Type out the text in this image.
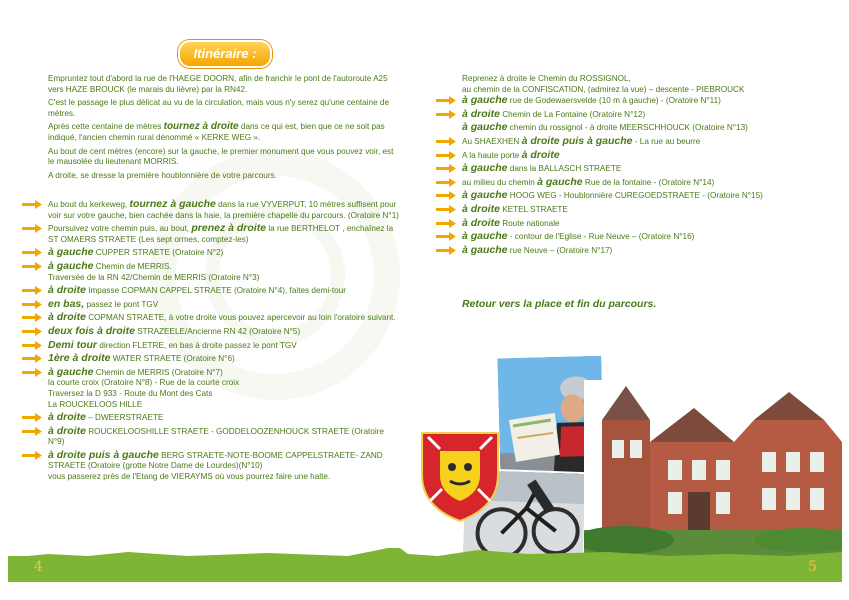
Itinéraire :

Empruntez tout d'abord la rue de l'HAEGE DOORN, afin de franchir le pont de l'autoroute A25 vers HAZE BROUCK (le marais du lièvre) par la RN42.

C'est le passage le plus délicat au vu de la circulation, mais vous n'y serez qu'une centaine de mètres.

Après cette centaine de mètres tournez à droite dans ce qui est, bien que ce ne soit pas indiqué, l'ancien chemin rural dénommé « KERKE WEG ».

Au bout de cent mètres (encore) sur la gauche, le premier monument que vous pouvez voir, est le mausolée du lieutenant MORRIS.

A droite, se dresse la première houblonnière de votre parcours.

Au bout du kerkeweg, tournez à gauche dans la rue VYVERPUT, 10 mètres suffisent pour voir sur votre gauche, bien cachée dans la haie, la première chapelle du parcours. (Oratoire N°1)
Poursuivez votre chemin puis, au bout, prenez à droite la rue BERTHELOT , enchaînez la ST OMAERS STRAETE (Les sept ormes, comptez-les)
à gauche CUPPER STRAETE (Oratoire N°2)
à gauche Chemin de MERRIS.
Traversée de la RN 42/Chemin de MERRIS (Oratoire N°3)
à droite Impasse COPMAN CAPPEL STRAETE (Oratoire N°4), faites demi-tour
en bas, passez le pont TGV
à droite COPMAN STRAETE, à votre droite vous pouvez apercevoir au loin l'oratoire suivant.
deux fois à droite STRAZEELE/Ancienne RN 42 (Oratoire N°5)
Demi tour direction FLETRE, en bas à droite passez le pont TGV
1ère à droite WATER STRAETE (Oratoire N°6)
à gauche Chemin de MERRIS (Oratoire N°7)
la courte croix (Oratoire N°8) - Rue de la courte croix
Traversez la D 933 - Route du Mont des Cats
La ROUCKELOOS HILLE
à droite – DWEERSTRAETE
à droite ROUCKELOOSHILLE STRAETE - GODDELOOZENHOUCK STRAETE (Oratoire N°9)
à droite puis à gauche BERG STRAETE-NOTE-BOOME CAPPELSTRAETE- ZAND STRAETE (Oratoire (grotte Notre Dame de Lourdes)(N°10)
vous passerez près de l'Etang de VIERAYMS où vous pourrez faire une halte.
Reprenez à droite le Chemin du ROSSIGNOL,
au chemin de la CONFISCATION, (admirez la vue) – descente - PIEBROUCK
à gauche rue de Godewaersvelde (10 m à gauche) - (Oratoire N°11)
à droite Chemin de La Fontaine (Oratoire N°12)
à gauche chemin du rossignol - à droite MEERSCHHOUCK (Oratoire N°13)
Au SHAEXHEN à droite puis à gauche - La rue au beurre
A la haute porte à droite
à gauche dans la BALLASCH STRAETE
au milieu du chemin à gauche Rue de la fontaine - (Oratoire N°14)
à gauche HOOG WEG - Houblonnière CUREGOEDSTRAETE - (Oratoire N°15)
à droite KETEL STRAETE
à droite Route nationale
à gauche - contour de l'Eglise - Rue Neuve – (Oratoire N°16)
à gauche rue Neuve – (Oratoire N°17)
Retour vers la place et fin du parcours.
4	5
